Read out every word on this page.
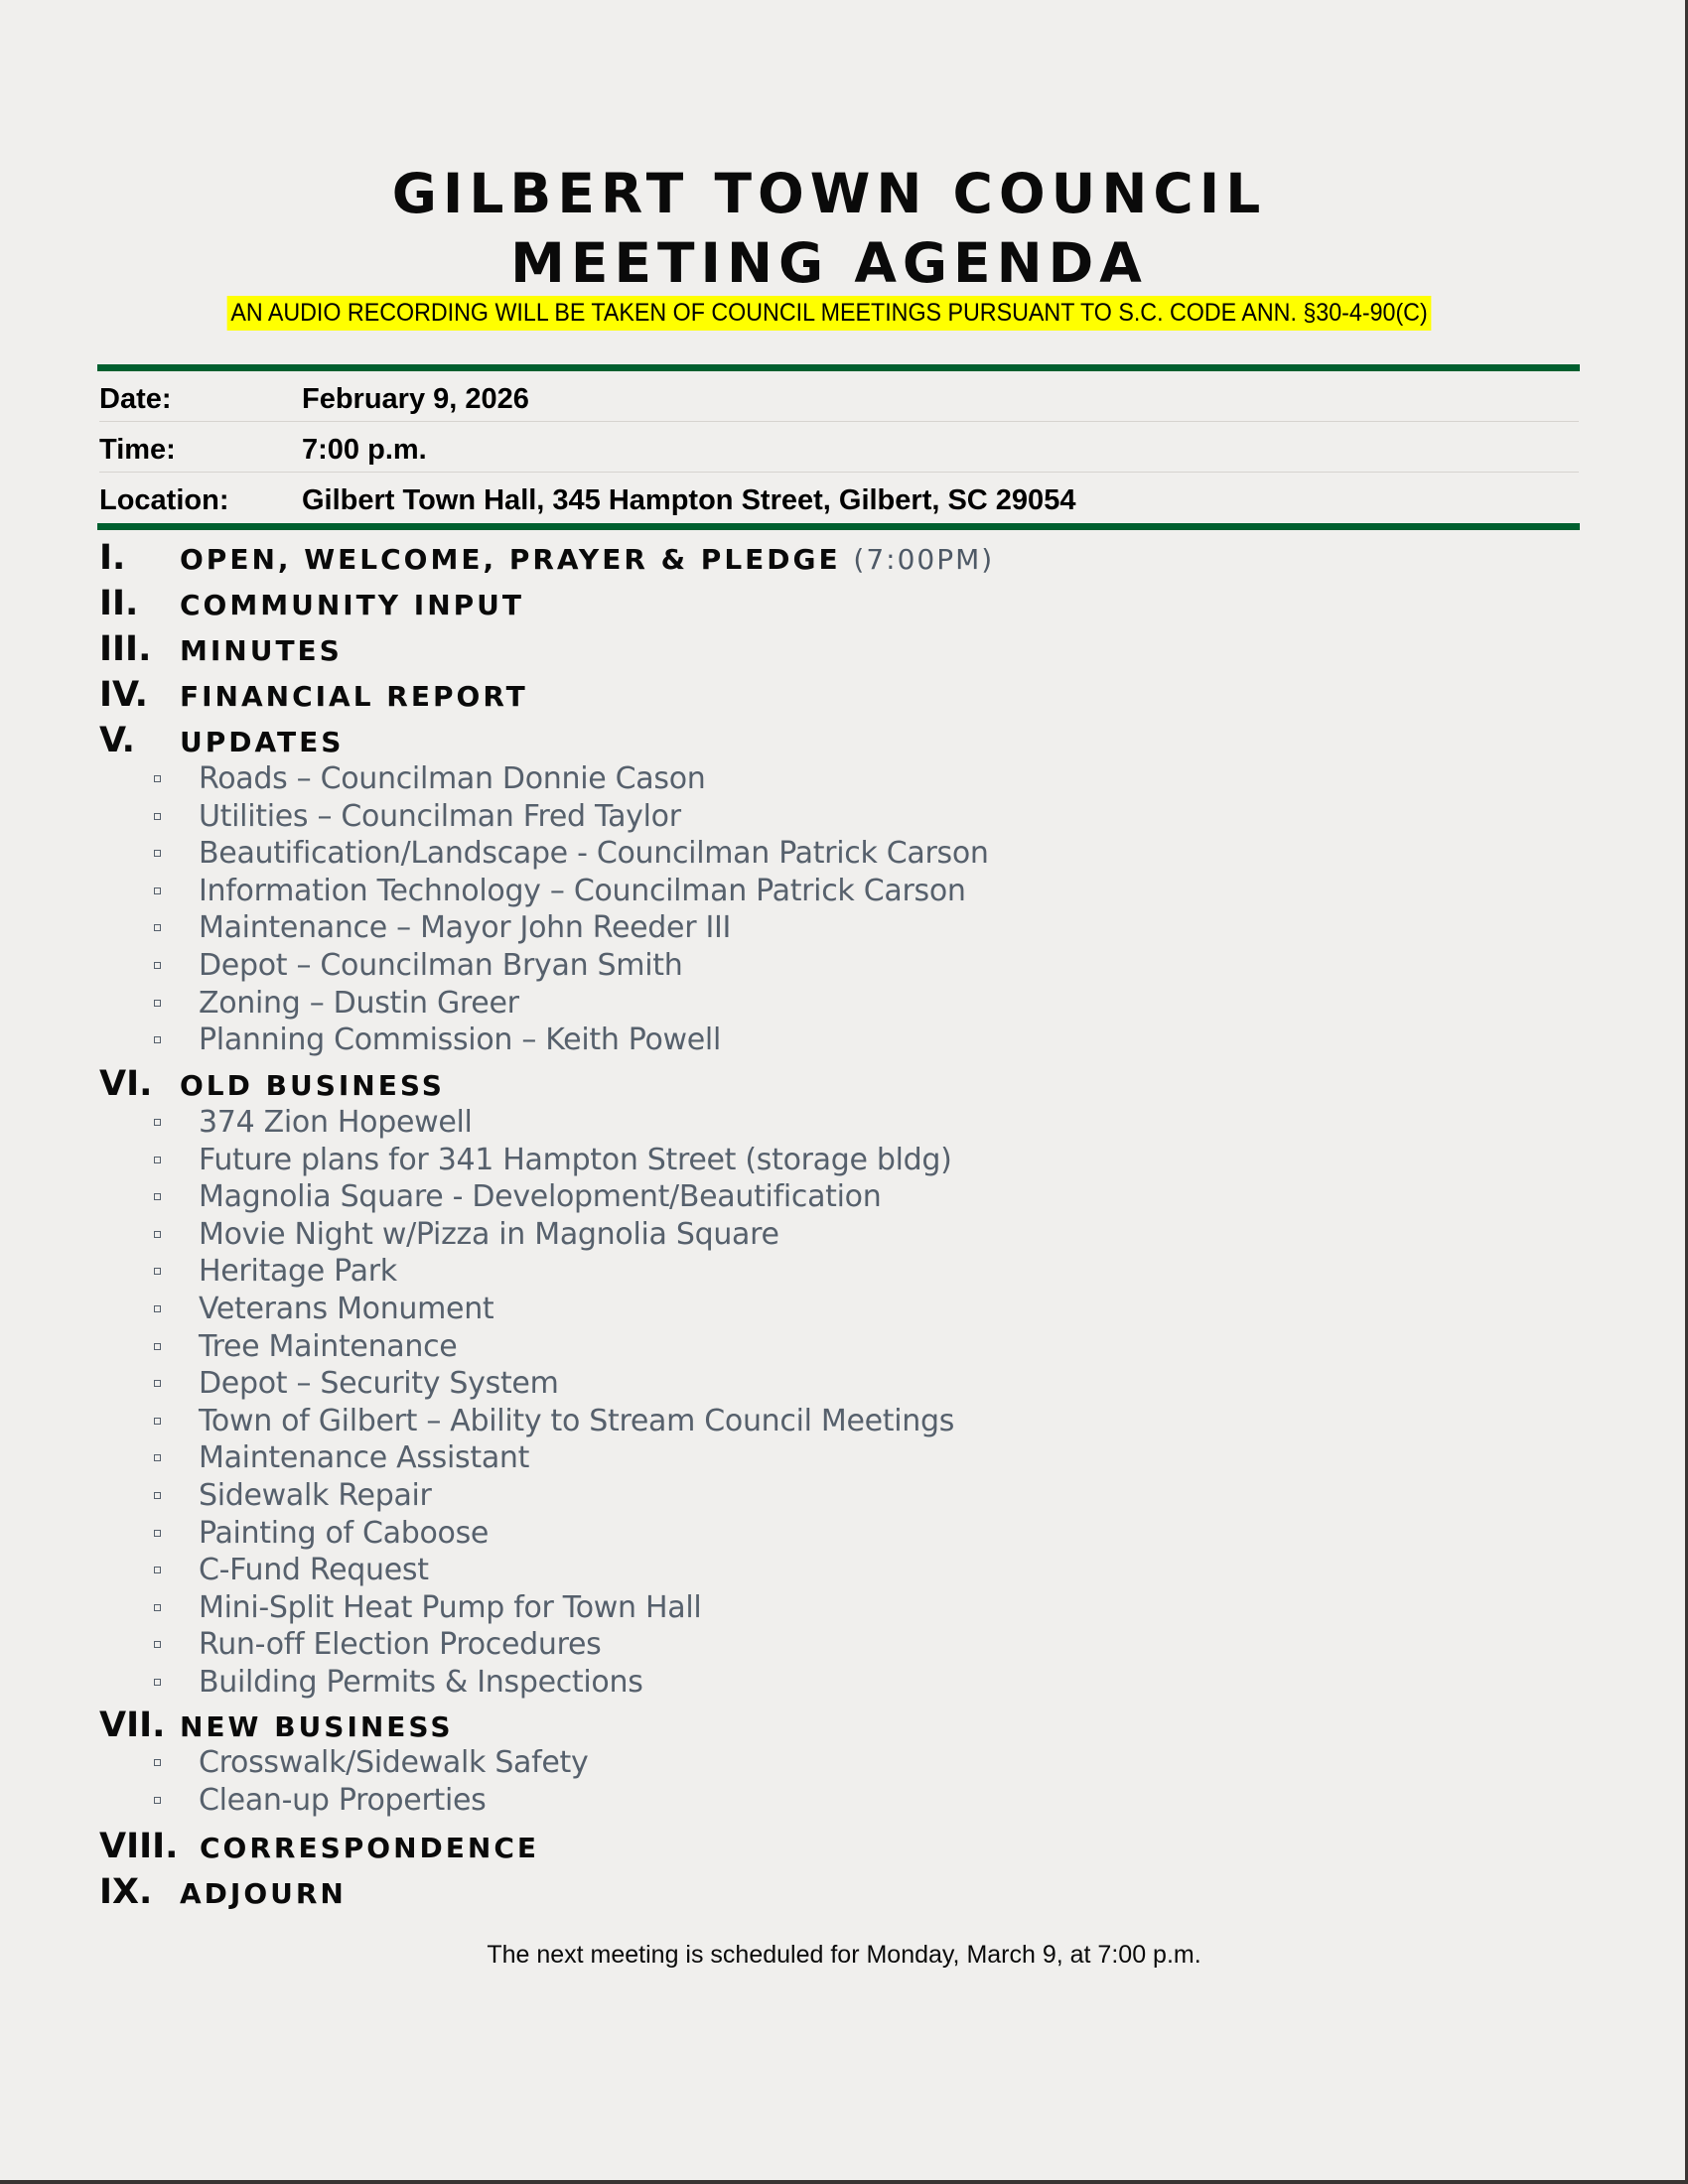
GILBERT TOWN COUNCIL
MEETING AGENDA
AN AUDIO RECORDING WILL BE TAKEN OF COUNCIL MEETINGS PURSUANT TO S.C. CODE ANN. §30-4-90(C)
Date:	February 9, 2026
Time:	7:00 p.m.
Location:	Gilbert Town Hall, 345 Hampton Street, Gilbert, SC 29054
I. OPEN, WELCOME, PRAYER & PLEDGE (7:00PM)
II. COMMUNITY INPUT
III. MINUTES
IV. FINANCIAL REPORT
V. UPDATES
Roads – Councilman Donnie Cason
Utilities – Councilman Fred Taylor
Beautification/Landscape - Councilman Patrick Carson
Information Technology – Councilman Patrick Carson
Maintenance – Mayor John Reeder III
Depot – Councilman Bryan Smith
Zoning – Dustin Greer
Planning Commission – Keith Powell
VI. OLD BUSINESS
374 Zion Hopewell
Future plans for 341 Hampton Street (storage bldg)
Magnolia Square - Development/Beautification
Movie Night w/Pizza in Magnolia Square
Heritage Park
Veterans Monument
Tree Maintenance
Depot – Security System
Town of Gilbert – Ability to Stream Council Meetings
Maintenance Assistant
Sidewalk Repair
Painting of Caboose
C-Fund Request
Mini-Split Heat Pump for Town Hall
Run-off Election Procedures
Building Permits & Inspections
VII. NEW BUSINESS
Crosswalk/Sidewalk Safety
Clean-up Properties
VIII. CORRESPONDENCE
IX. ADJOURN
The next meeting is scheduled for Monday, March 9, at 7:00 p.m.
